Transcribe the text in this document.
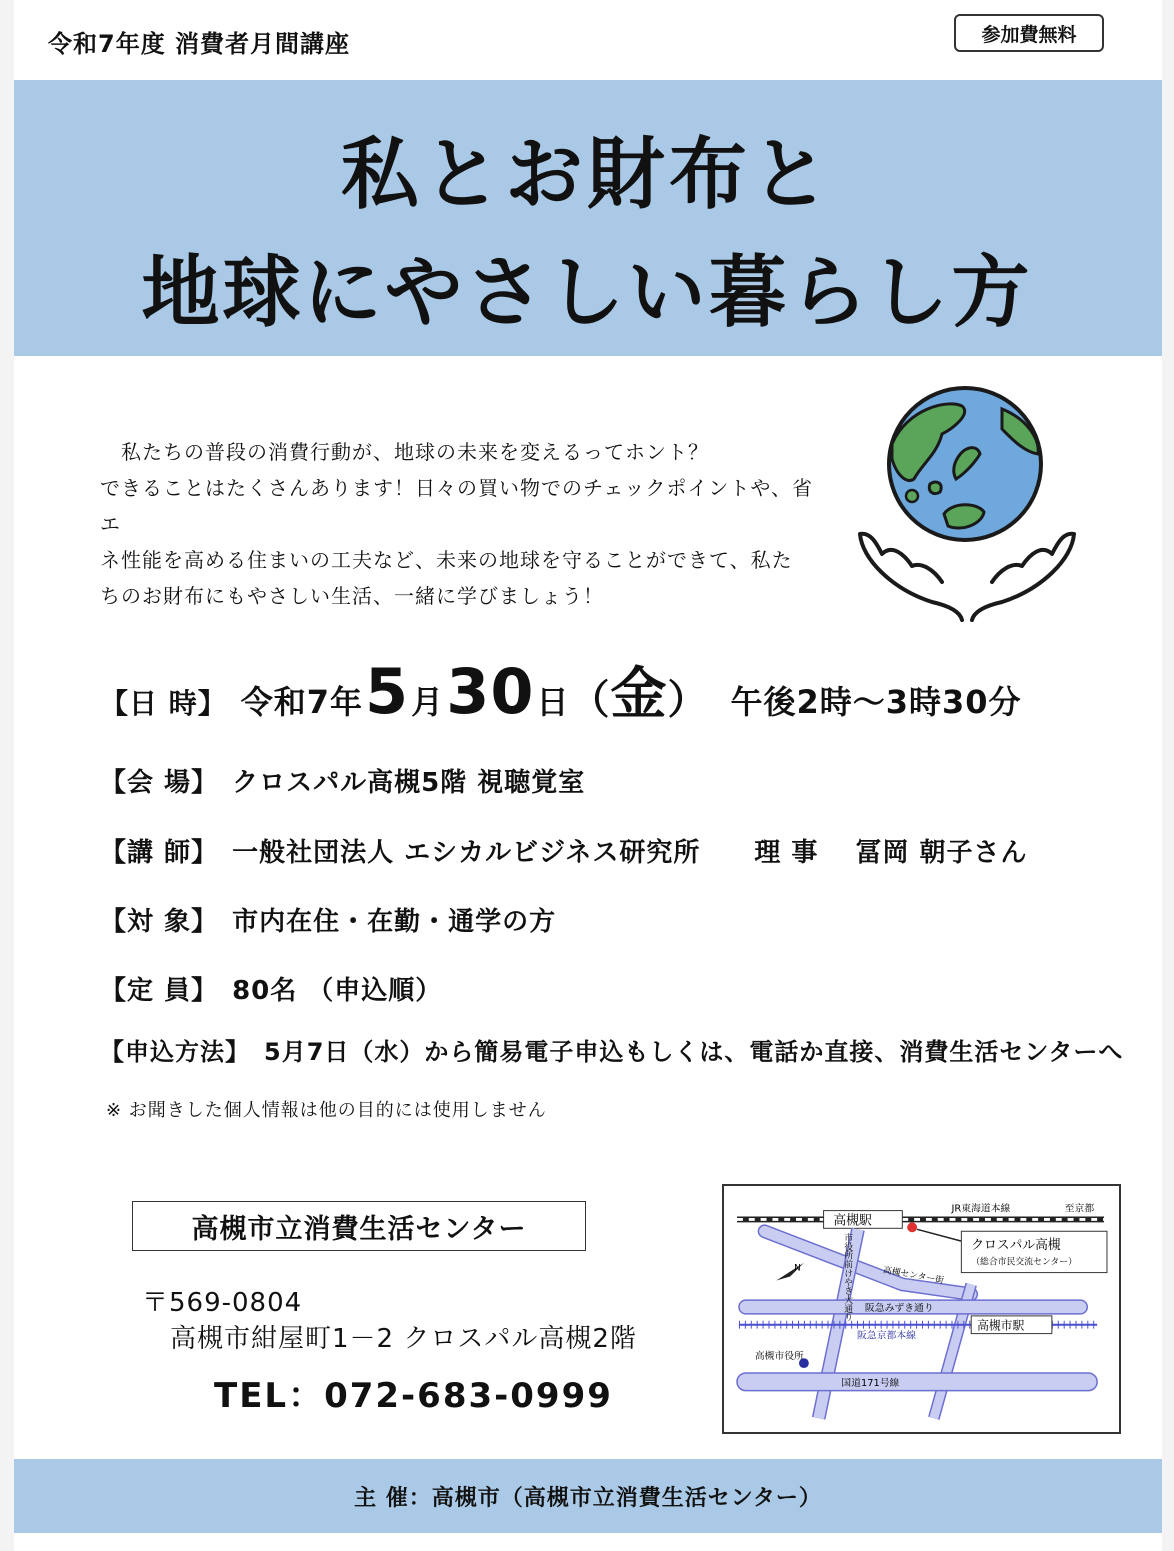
令和7年度 消費者月間講座	参加費無料
私とお財布と
地球にやさしい暮らし方

　私たちの普段の消費行動が、地球の未来を変えるってホント？

できることはたくさんあります！日々の買い物でのチェックポイントや、省エ

ネ性能を高める住まいの工夫など、未来の地球を守ることができて、私た

ちのお財布にもやさしい生活、一緒に学びましょう！

【日 時】 令和7年 5 月 30 日 （ 金 ） 午後2時～3時30分
【会 場】 クロスパル高槻5階 視聴覚室
【講 師】 一般社団法人 エシカルビジネス研究所　　理 事　 冨岡 朝子さん
【対 象】 市内在住・在勤・通学の方
【定 員】 80名 （申込順）
【申込方法】 5月7日（水）から簡易電子申込もしくは、電話か直接、消費生活センターへ
※ お聞きした個人情報は他の目的には使用しません
高槻市立消費生活センター
〒569-0804
高槻市紺屋町1－2 クロスパル高槻2階
TEL：072-683-0999
高槻駅
JR東海道本線	至京都
高槻市駅
阪急みずき通り
阪急京都本線
国道171号線
高槻センター街
市役所前けやき大通り	クロスパル高槻
（総合市民交流センター）
高槻市役所
N
主 催：高槻市（高槻市立消費生活センター）
